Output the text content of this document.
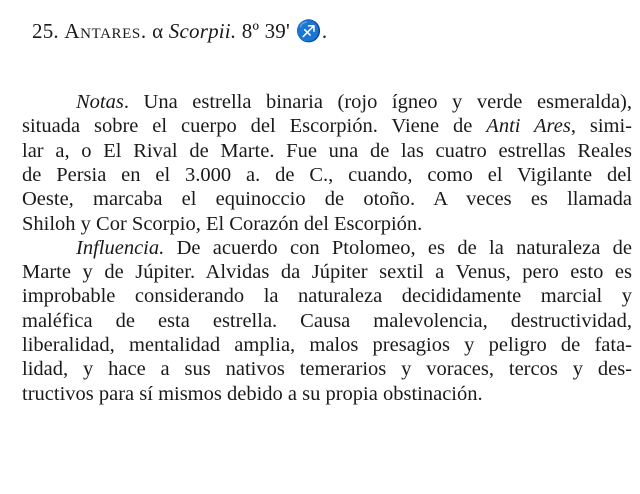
25. Antares. α Scorpii. 8º 39' ♐.
Notas. Una estrella binaria (rojo ígneo y verde esmeralda),
situada sobre el cuerpo del Escorpión. Viene de Anti Ares, simi-
lar a, o El Rival de Marte. Fue una de las cuatro estrellas Reales
de Persia en el 3.000 a. de C., cuando, como el Vigilante del
Oeste, marcaba el equinoccio de otoño. A veces es llamada
Shiloh y Cor Scorpio, El Corazón del Escorpión.
Influencia. De acuerdo con Ptolomeo, es de la naturaleza de
Marte y de Júpiter. Alvidas da Júpiter sextil a Venus, pero esto es
improbable considerando la naturaleza decididamente marcial y
maléfica de esta estrella. Causa malevolencia, destructividad,
liberalidad, mentalidad amplia, malos presagios y peligro de fata-
lidad, y hace a sus nativos temerarios y voraces, tercos y des-
tructivos para sí mismos debido a su propia obstinación.
